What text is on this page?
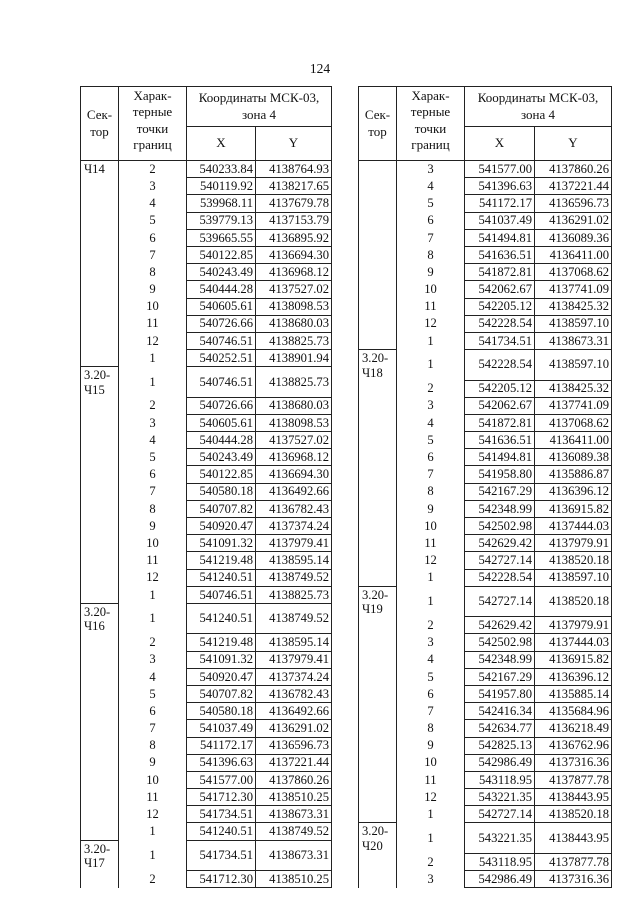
124
Сек- тор	Харак- терные точки границ	Координаты МСК-03, зона 4	
		X	Y
Ч14	2	540233.84	4138764.93
	3	540119.92	4138217.65
	4	539968.11	4137679.78
	5	539779.13	4137153.79
	6	539665.55	4136895.92
	7	540122.85	4136694.30
	8	540243.49	4136968.12
	9	540444.28	4137527.02
	10	540605.61	4138098.53
	11	540726.66	4138680.03
	12	540746.51	4138825.73
	1	540252.51	4138901.94
3.20-
Ч15	1	540746.51	4138825.73
	2	540726.66	4138680.03
	3	540605.61	4138098.53
	4	540444.28	4137527.02
	5	540243.49	4136968.12
	6	540122.85	4136694.30
	7	540580.18	4136492.66
	8	540707.82	4136782.43
	9	540920.47	4137374.24
	10	541091.32	4137979.41
	11	541219.48	4138595.14
	12	541240.51	4138749.52
	1	540746.51	4138825.73
3.20-
Ч16	1	541240.51	4138749.52
	2	541219.48	4138595.14
	3	541091.32	4137979.41
	4	540920.47	4137374.24
	5	540707.82	4136782.43
	6	540580.18	4136492.66
	7	541037.49	4136291.02
	8	541172.17	4136596.73
	9	541396.63	4137221.44
	10	541577.00	4137860.26
	11	541712.30	4138510.25
	12	541734.51	4138673.31
	1	541240.51	4138749.52
3.20-
Ч17	1	541734.51	4138673.31
	2	541712.30	4138510.25
Сек- тор	Харак- терные точки границ	Координаты МСК-03, зона 4	
		X	Y
	3	541577.00	4137860.26
	4	541396.63	4137221.44
	5	541172.17	4136596.73
	6	541037.49	4136291.02
	7	541494.81	4136089.36
	8	541636.51	4136411.00
	9	541872.81	4137068.62
	10	542062.67	4137741.09
	11	542205.12	4138425.32
	12	542228.54	4138597.10
	1	541734.51	4138673.31
3.20-
Ч18	1	542228.54	4138597.10
	2	542205.12	4138425.32
	3	542062.67	4137741.09
	4	541872.81	4137068.62
	5	541636.51	4136411.00
	6	541494.81	4136089.38
	7	541958.80	4135886.87
	8	542167.29	4136396.12
	9	542348.99	4136915.82
	10	542502.98	4137444.03
	11	542629.42	4137979.91
	12	542727.14	4138520.18
	1	542228.54	4138597.10
3.20-
Ч19	1	542727.14	4138520.18
	2	542629.42	4137979.91
	3	542502.98	4137444.03
	4	542348.99	4136915.82
	5	542167.29	4136396.12
	6	541957.80	4135885.14
	7	542416.34	4135684.96
	8	542634.77	4136218.49
	9	542825.13	4136762.96
	10	542986.49	4137316.36
	11	543118.95	4137877.78
	12	543221.35	4138443.95
	1	542727.14	4138520.18
3.20-
Ч20	1	543221.35	4138443.95
	2	543118.95	4137877.78
	3	542986.49	4137316.36
